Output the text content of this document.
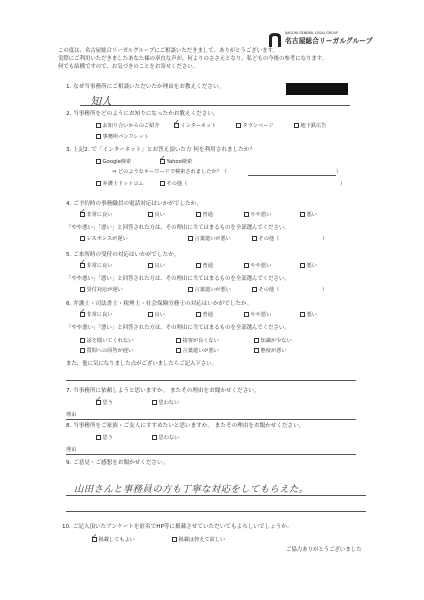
NAGOYA GENERAL LEGAL GROUP
名古屋総合リーガルグループ
この度は、名古屋総合リーガルグループにご相談いただきまして、ありがとうございます。
実際にご利用いただきましたあなた様の率直な声が、何よりのささえとなり、私どもの今後の参考になります。
何でも結構ですので、お気づきのことをお寄せください。
1. なぜ当事務所にご相談いただいたか理由をお教えください。
知人
2. 当事務所をどのようにお知りになったかお教えください。
お知り合いからのご紹介	インターネット
✓	タウンページ	地下鉄広告
事務所パンフレット
3. 上記2. で「インターネット」とお答え頂いた方 何を利用されましたか？
Google検索	Yahoo検索
✓
⇒ どのようなキーワードで検索されましたか？（	）
弁護士ドットコム	その他（	）
4. ご予約時の事務職員の電話対応はいかがでしたか。
非常に良い
✓	良い	普通	やや悪い	悪い
「やや悪い」「悪い」と回答された方は、その理由に当てはまるものを全部選んでください。
レスポンスが遅い	言葉遣いが悪い	その他（	）
5. ご来所時の受付の対応はいかがでしたか。
非常に良い
✓	良い	普通	やや悪い	悪い
「やや悪い」「悪い」と回答された方は、その理由に当てはまるものを全部選んでください。
受付対応が遅い	言葉遣いが悪い	その他（	）
6. 弁護士・司法書士・税理士・社会保険労務士の対応はいかがでしたか。
非常に良い
✓	良い	普通	やや悪い	悪い
「やや悪い」「悪い」と回答された方は、その理由に当てはまるものを全部選んでください。
話を聞いてくれない	接客が良くない	知識が少ない
質問への回答が遅い	言葉遣いが悪い	態度が悪い
また、他に気になりました点がございましたらご記入下さい。
7. 当事務所に依頼しようと思いますか。 またその理由をお聞かせください。
思う
✓	思わない
理由
8. 当事務所をご家族・ご友人にすすめたいと思いますか。 またその理由をお聞かせください。
思う	思わない
理由
9. ご意見・ご感想をお聞かせください。
山田さんと事務員の方も丁寧な対応をしてもらえた。
10. ご記入頂いたアンケートを匿名でHP等に掲載させていただいてもよろしいでしょうか。
掲載してもよい
✓	掲載は控えて欲しい
ご協力ありがとうございました
